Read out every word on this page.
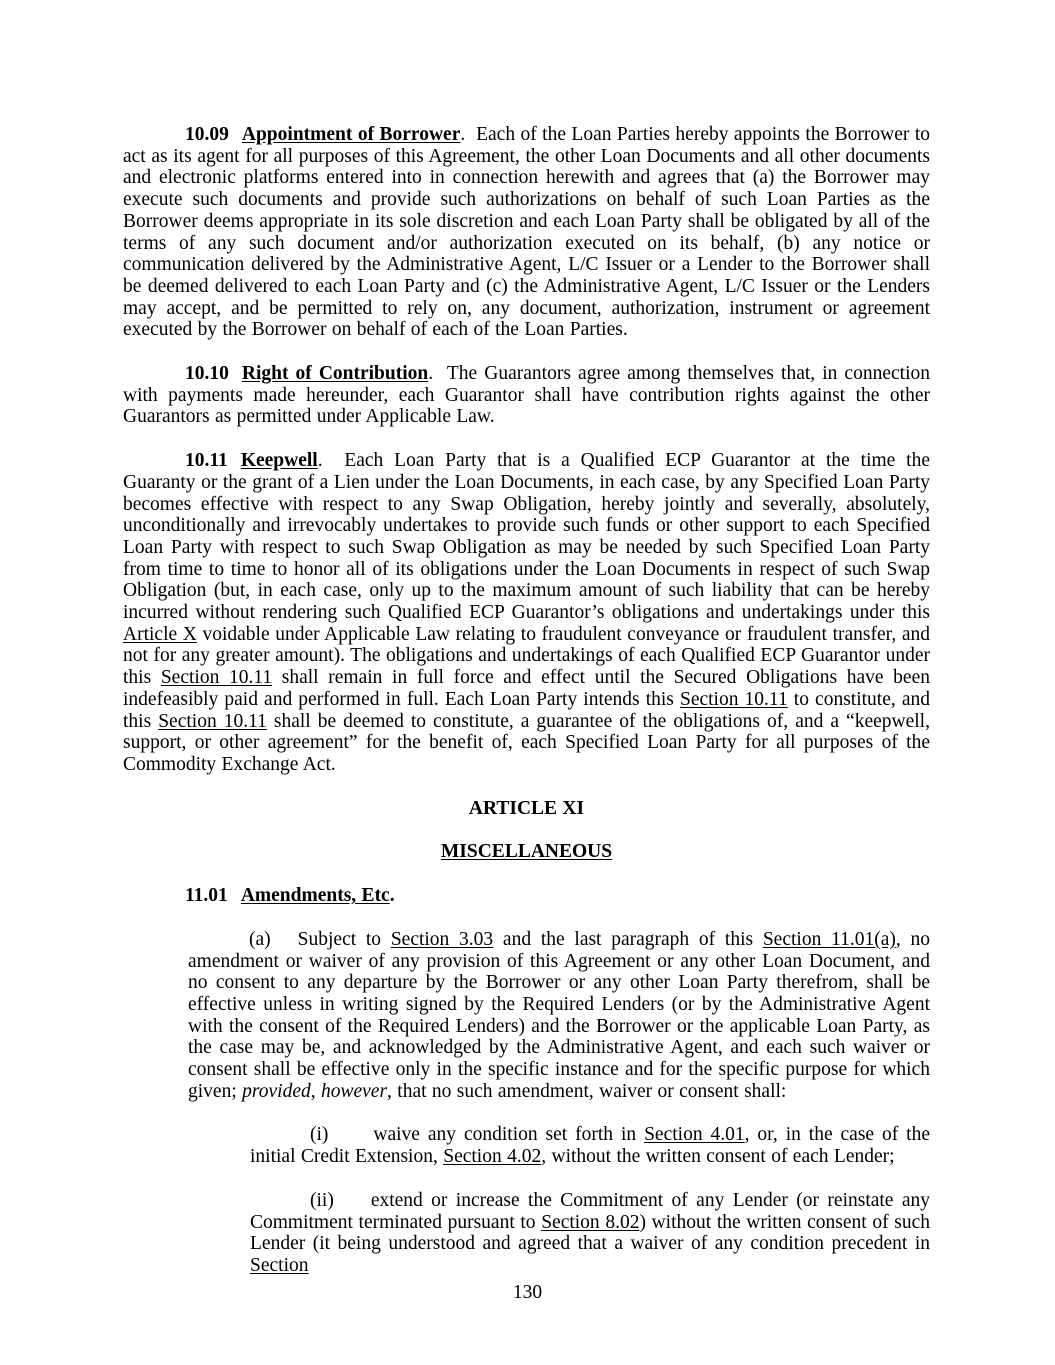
10.09 Appointment of Borrower.  Each of the Loan Parties hereby appoints the Borrower to act as its agent for all purposes of this Agreement, the other Loan Documents and all other documents and electronic platforms entered into in connection herewith and agrees that (a) the Borrower may execute such documents and provide such authorizations on behalf of such Loan Parties as the Borrower deems appropriate in its sole discretion and each Loan Party shall be obligated by all of the terms of any such document and/or authorization executed on its behalf, (b) any notice or communication delivered by the Administrative Agent, L/C Issuer or a Lender to the Borrower shall be deemed delivered to each Loan Party and (c) the Administrative Agent, L/C Issuer or the Lenders may accept, and be permitted to rely on, any document, authorization, instrument or agreement executed by the Borrower on behalf of each of the Loan Parties.

10.10 Right of Contribution.  The Guarantors agree among themselves that, in connection with payments made hereunder, each Guarantor shall have contribution rights against the other Guarantors as permitted under Applicable Law.

10.11 Keepwell.  Each Loan Party that is a Qualified ECP Guarantor at the time the Guaranty or the grant of a Lien under the Loan Documents, in each case, by any Specified Loan Party becomes effective with respect to any Swap Obligation, hereby jointly and severally, absolutely, unconditionally and irrevocably undertakes to provide such funds or other support to each Specified Loan Party with respect to such Swap Obligation as may be needed by such Specified Loan Party from time to time to honor all of its obligations under the Loan Documents in respect of such Swap Obligation (but, in each case, only up to the maximum amount of such liability that can be hereby incurred without rendering such Qualified ECP Guarantor’s obligations and undertakings under this Article X voidable under Applicable Law relating to fraudulent conveyance or fraudulent transfer, and not for any greater amount). The obligations and undertakings of each Qualified ECP Guarantor under this Section 10.11 shall remain in full force and effect until the Secured Obligations have been indefeasibly paid and performed in full. Each Loan Party intends this Section 10.11 to constitute, and this Section 10.11 shall be deemed to constitute, a guarantee of the obligations of, and a “keepwell, support, or other agreement” for the benefit of, each Specified Loan Party for all purposes of the Commodity Exchange Act.

ARTICLE XI

MISCELLANEOUS

11.01 Amendments, Etc.

(a) Subject to Section 3.03 and the last paragraph of this Section 11.01(a), no amendment or waiver of any provision of this Agreement or any other Loan Document, and no consent to any departure by the Borrower or any other Loan Party therefrom, shall be effective unless in writing signed by the Required Lenders (or by the Administrative Agent with the consent of the Required Lenders) and the Borrower or the applicable Loan Party, as the case may be, and acknowledged by the Administrative Agent, and each such waiver or consent shall be effective only in the specific instance and for the specific purpose for which given; provided, however, that no such amendment, waiver or consent shall:

(i) waive any condition set forth in Section 4.01, or, in the case of the initial Credit Extension, Section 4.02, without the written consent of each Lender;

(ii) extend or increase the Commitment of any Lender (or reinstate any Commitment terminated pursuant to Section 8.02) without the written consent of such Lender (it being understood and agreed that a waiver of any condition precedent in Section

130
